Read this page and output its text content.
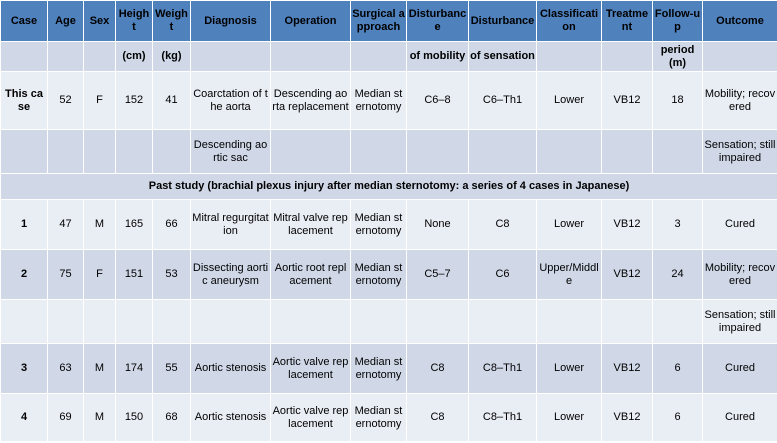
Case	Age	Sex	Height	Weight	Diagnosis	Operation	Surgical approach	Disturbance	Disturbance	Classification	Treatment	Follow-up	Outcome
			(cm)	(kg)				of mobility	of sensation			period (m)	
This case	52	F	152	41	Coarctation of the aorta	Descending aorta replacement	Median sternotomy	C6–8	C6–Th1	Lower	VB12	18	Mobility; recovered
					Descending aortic sac								Sensation; still impaired
Past study (brachial plexus injury after median sternotomy: a series of 4 cases in Japanese)													
1	47	M	165	66	Mitral regurgitation	Mitral valve replacement	Median sternotomy	None	C8	Lower	VB12	3	Cured
2	75	F	151	53	Dissecting aortic aneurysm	Aortic root replacement	Median sternotomy	C5–7	C6	Upper/Middle	VB12	24	Mobility; recovered
													Sensation; still impaired
3	63	M	174	55	Aortic stenosis	Aortic valve replacement	Median sternotomy	C8	C8–Th1	Lower	VB12	6	Cured
4	69	M	150	68	Aortic stenosis	Aortic valve replacement	Median sternotomy	C8	C8–Th1	Lower	VB12	6	Cured
